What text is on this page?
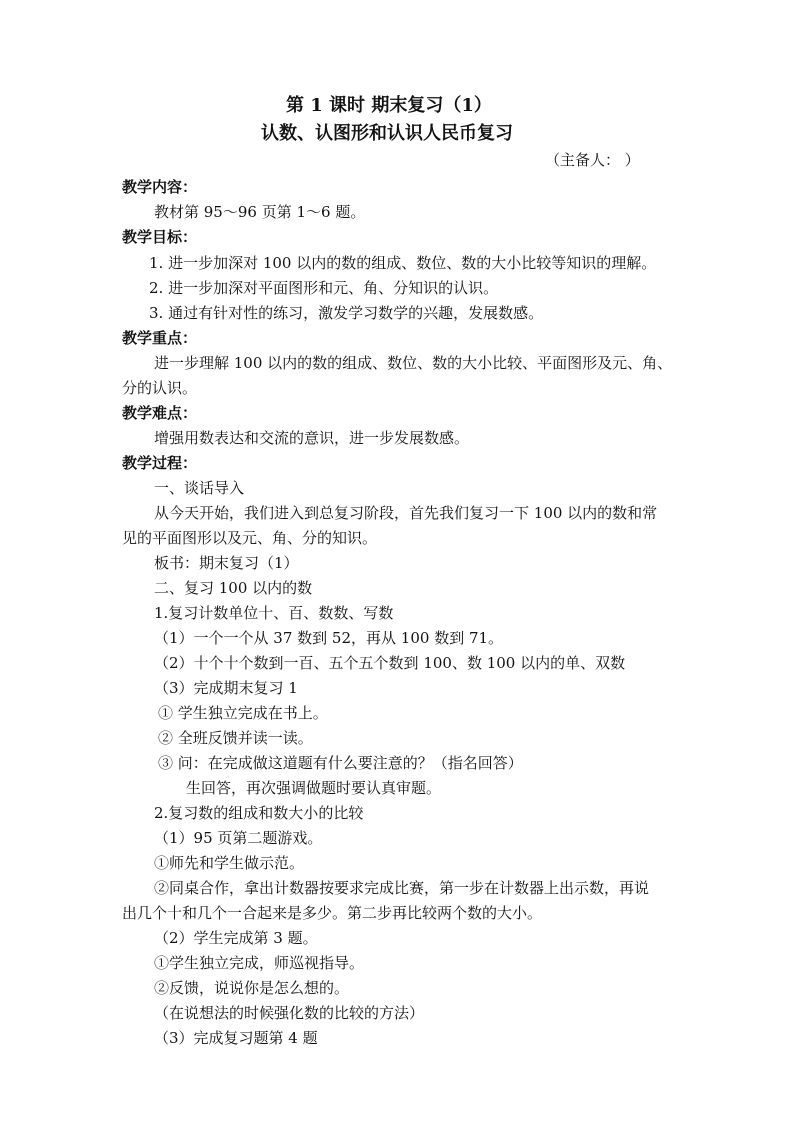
第 1 课时 期末复习（1）
认数、认图形和认识人民币复习
（主备人： ）
教学内容：
教材第 95～96 页第 1～6 题。
教学目标：
1. 进一步加深对 100 以内的数的组成、数位、数的大小比较等知识的理解。
2. 进一步加深对平面图形和元、角、分知识的认识。
3. 通过有针对性的练习，激发学习数学的兴趣，发展数感。
教学重点：
进一步理解 100 以内的数的组成、数位、数的大小比较、平面图形及元、角、
分的认识。
教学难点：
增强用数表达和交流的意识，进一步发展数感。
教学过程：
一、谈话导入
从今天开始，我们进入到总复习阶段，首先我们复习一下 100 以内的数和常
见的平面图形以及元、角、分的知识。
板书：期末复习（1）
二、复习 100 以内的数
1.复习计数单位十、百、数数、写数
（1）一个一个从 37 数到 52，再从 100 数到 71。
（2）十个十个数到一百、五个五个数到 100、数 100 以内的单、双数
（3）完成期末复习 1
① 学生独立完成在书上。
② 全班反馈并读一读。
③ 问：在完成做这道题有什么要注意的？（指名回答）
生回答，再次强调做题时要认真审题。
2.复习数的组成和数大小的比较
（1）95 页第二题游戏。
①师先和学生做示范。
②同桌合作，拿出计数器按要求完成比赛，第一步在计数器上出示数，再说
出几个十和几个一合起来是多少。第二步再比较两个数的大小。
（2）学生完成第 3 题。
①学生独立完成，师巡视指导。
②反馈，说说你是怎么想的。
（在说想法的时候强化数的比较的方法）
（3）完成复习题第 4 题
